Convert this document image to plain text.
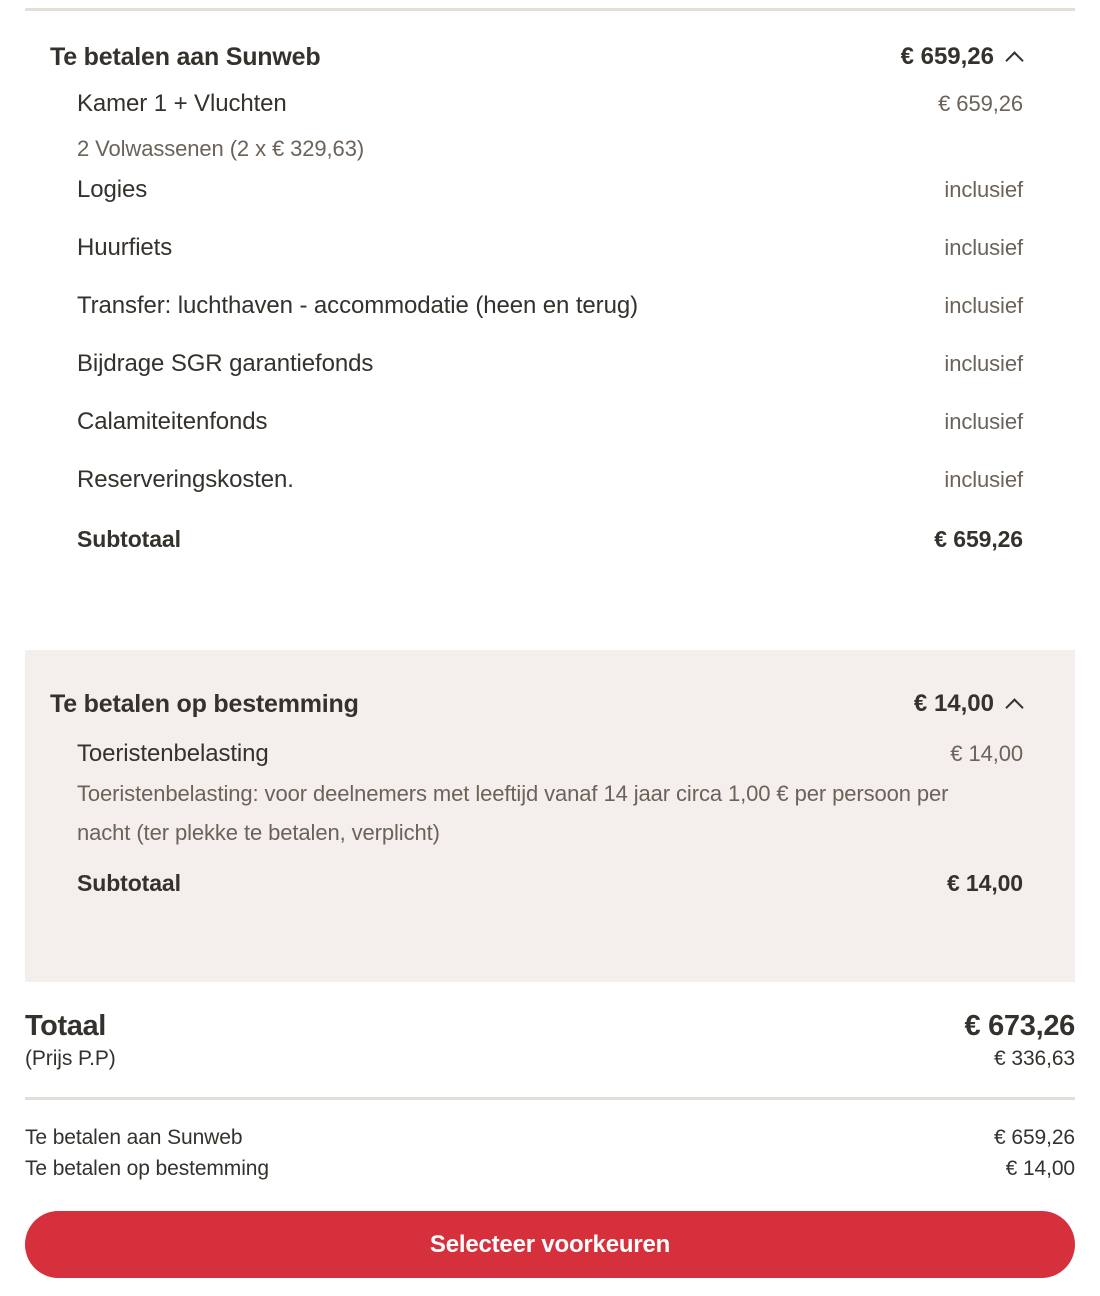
Te betalen aan Sunweb	€ 659,26
Kamer 1 + Vluchten	€ 659,26
2 Volwassenen (2 x € 329,63)
Logies	inclusief
Huurfiets	inclusief
Transfer: luchthaven - accommodatie (heen en terug)	inclusief
Bijdrage SGR garantiefonds	inclusief
Calamiteitenfonds	inclusief
Reserveringskosten.	inclusief
Subtotaal	€ 659,26
Te betalen op bestemming	€ 14,00
Toeristenbelasting	€ 14,00
Toeristenbelasting: voor deelnemers met leeftijd vanaf 14 jaar circa 1,00 € per persoon per nacht (ter plekke te betalen, verplicht)
Subtotaal	€ 14,00
Totaal	€ 673,26
(Prijs P.P)	€ 336,63
Te betalen aan Sunweb	€ 659,26
Te betalen op bestemming	€ 14,00
Selecteer voorkeuren
